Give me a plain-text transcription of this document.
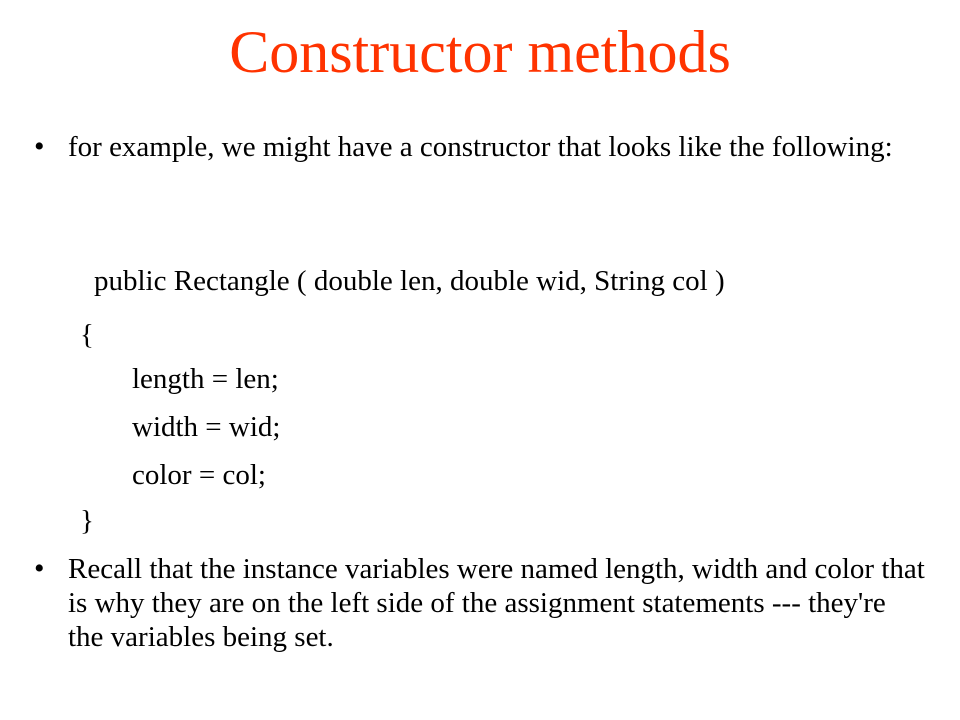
Constructor methods
• for example, we might have a constructor that looks like the following:

public Rectangle ( double len, double wid, String col )

{

length = len;

width = wid;

color = col;

}

• Recall that the instance variables were named length, width and color that is why they are on the left side of the assignment statements --- they're the variables being set.
